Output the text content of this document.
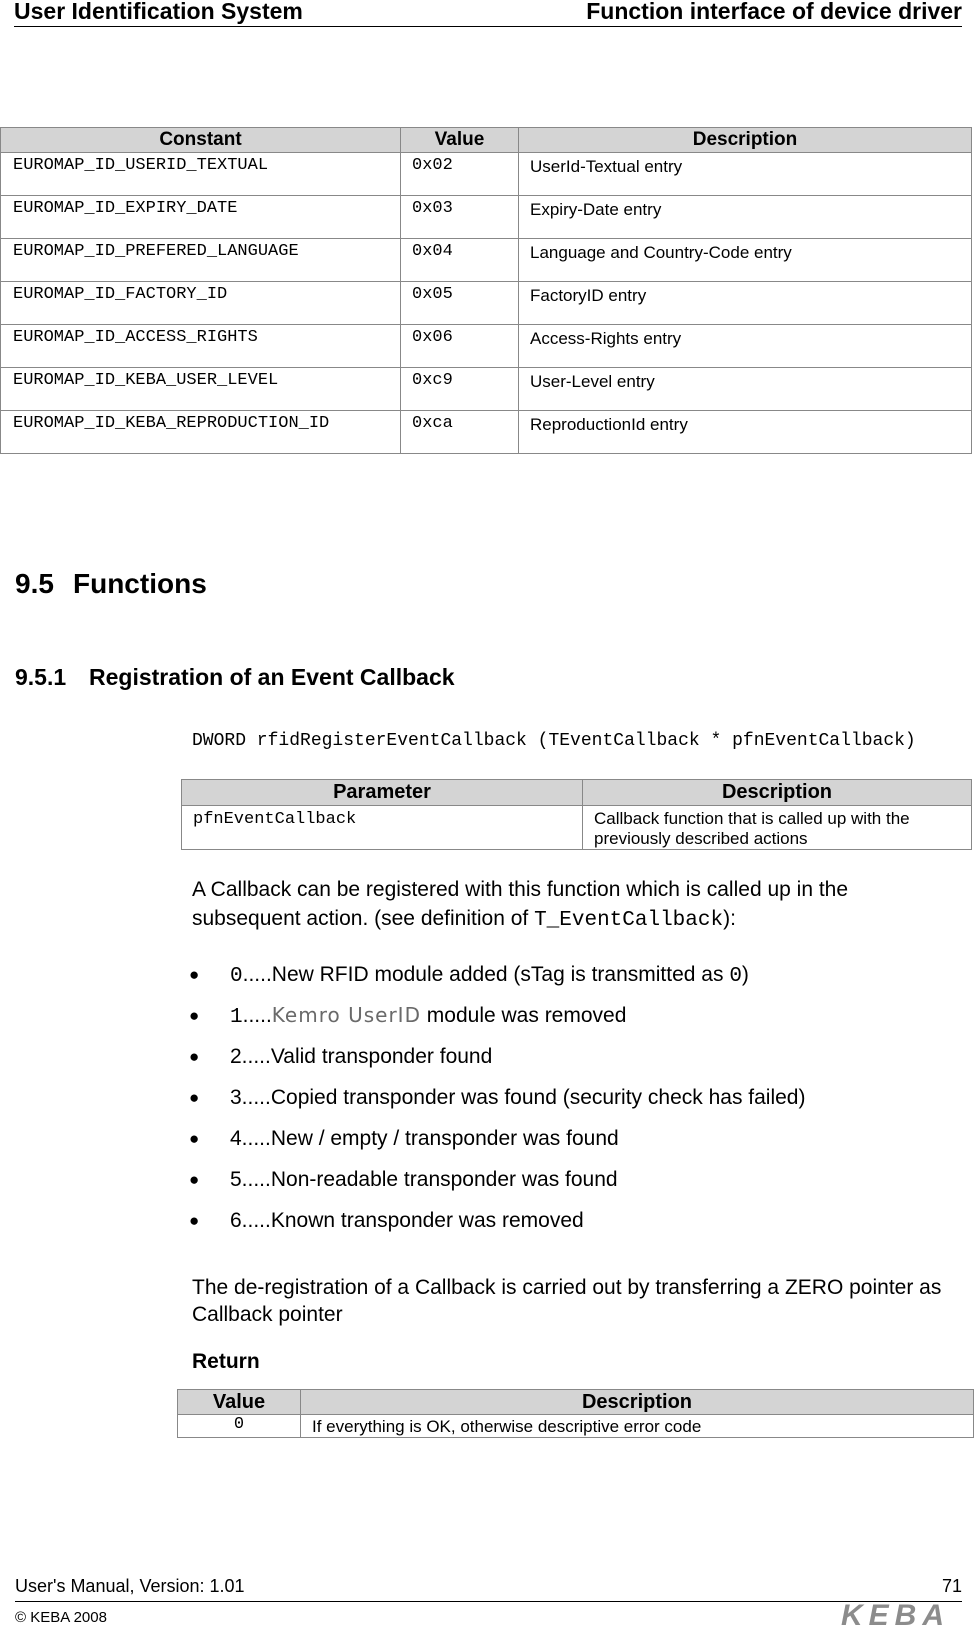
User Identification System	Function interface of device driver
Constant	Value	Description
EUROMAP_ID_USERID_TEXTUAL	0x02	UserId-Textual entry
EUROMAP_ID_EXPIRY_DATE	0x03	Expiry-Date entry
EUROMAP_ID_PREFERED_LANGUAGE	0x04	Language and Country-Code entry
EUROMAP_ID_FACTORY_ID	0x05	FactoryID entry
EUROMAP_ID_ACCESS_RIGHTS	0x06	Access-Rights entry
EUROMAP_ID_KEBA_USER_LEVEL	0xc9	User-Level entry
EUROMAP_ID_KEBA_REPRODUCTION_ID	0xca	ReproductionId entry
9.5 Functions
9.5.1 Registration of an Event Callback
DWORD rfidRegisterEventCallback (TEventCallback * pfnEventCallback)
Parameter	Description
pfnEventCallback	Callback function that is called up with the previously described actions
A Callback can be registered with this function which is called up in the subsequent action. (see definition of T_EventCallback):
● 0.....New RFID module added (sTag is transmitted as 0)
● 1.....Kemro UserID module was removed
● 2.....Valid transponder found
● 3.....Copied transponder was found (security check has failed)
● 4.....New / empty / transponder was found
● 5.....Non-readable transponder was found
● 6.....Known transponder was removed
The de-registration of a Callback is carried out by transferring a ZERO pointer as Callback pointer
Return
Value	Description
0	If everything is OK, otherwise descriptive error code
User's Manual, Version: 1.01	71
© KEBA 2008	KEBA
